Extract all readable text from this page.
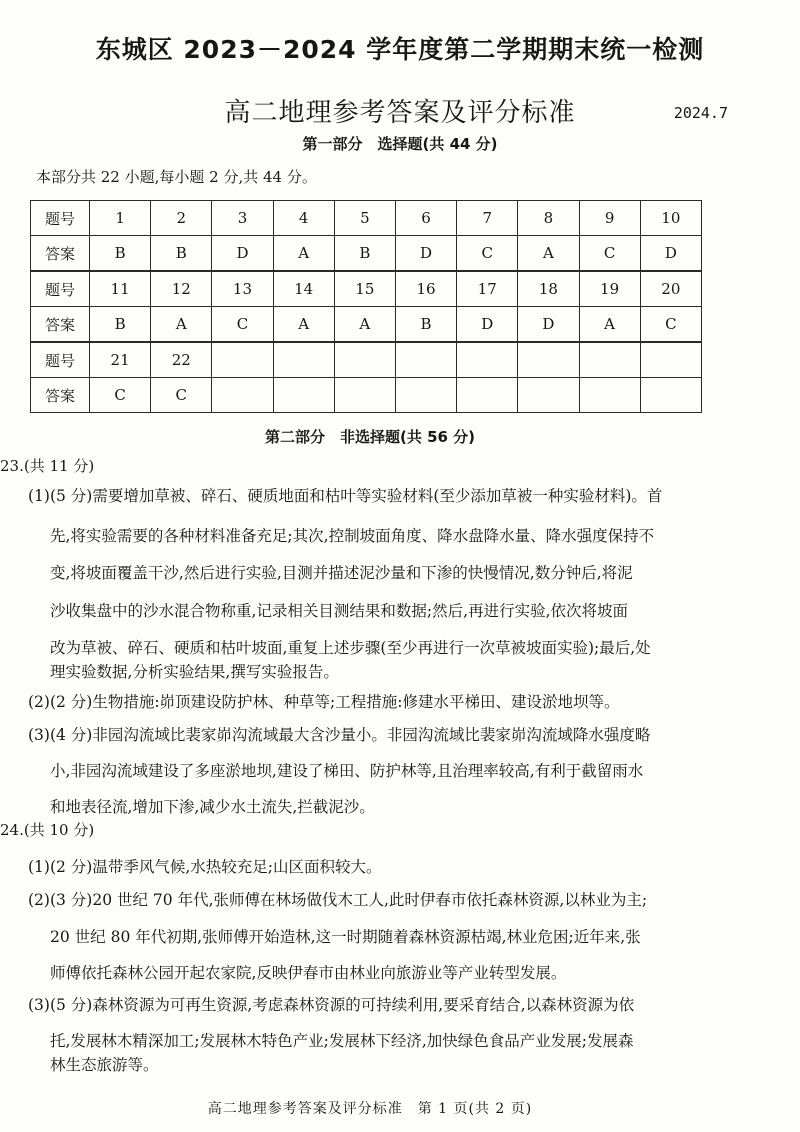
东城区 2023－2024 学年度第二学期期末统一检测
高二地理参考答案及评分标准	2024.7
第一部分　选择题(共 44 分)
本部分共 22 小题,每小题 2 分,共 44 分。
题号	1	2	3	4	5	6	7	8	9	10
答案	B	B	D	A	B	D	C	A	C	D
题号	11	12	13	14	15	16	17	18	19	20
答案	B	A	C	A	A	B	D	D	A	C
题号	21	22								
答案	C	C								
第二部分　非选择题(共 56 分)
23.(共 11 分)
(1)(5 分)需要增加草被、碎石、硬质地面和枯叶等实验材料(至少添加草被一种实验材料)。首
先,将实验需要的各种材料准备充足;其次,控制坡面角度、降水盘降水量、降水强度保持不
变,将坡面覆盖干沙,然后进行实验,目测并描述泥沙量和下渗的快慢情况,数分钟后,将泥
沙收集盘中的沙水混合物称重,记录相关目测结果和数据;然后,再进行实验,依次将坡面
改为草被、碎石、硬质和枯叶坡面,重复上述步骤(至少再进行一次草被坡面实验);最后,处
理实验数据,分析实验结果,撰写实验报告。
(2)(2 分)生物措施:峁顶建设防护林、种草等;工程措施:修建水平梯田、建设淤地坝等。
(3)(4 分)非园沟流域比裴家峁沟流域最大含沙量小。非园沟流域比裴家峁沟流域降水强度略
小,非园沟流域建设了多座淤地坝,建设了梯田、防护林等,且治理率较高,有利于截留雨水
和地表径流,增加下渗,减少水土流失,拦截泥沙。
24.(共 10 分)
(1)(2 分)温带季风气候,水热较充足;山区面积较大。
(2)(3 分)20 世纪 70 年代,张师傅在林场做伐木工人,此时伊春市依托森林资源,以林业为主;
20 世纪 80 年代初期,张师傅开始造林,这一时期随着森林资源枯竭,林业危困;近年来,张
师傅依托森林公园开起农家院,反映伊春市由林业向旅游业等产业转型发展。
(3)(5 分)森林资源为可再生资源,考虑森林资源的可持续利用,要采育结合,以森林资源为依
托,发展林木精深加工;发展林木特色产业;发展林下经济,加快绿色食品产业发展;发展森
林生态旅游等。
高二地理参考答案及评分标准　第 1 页(共 2 页)
